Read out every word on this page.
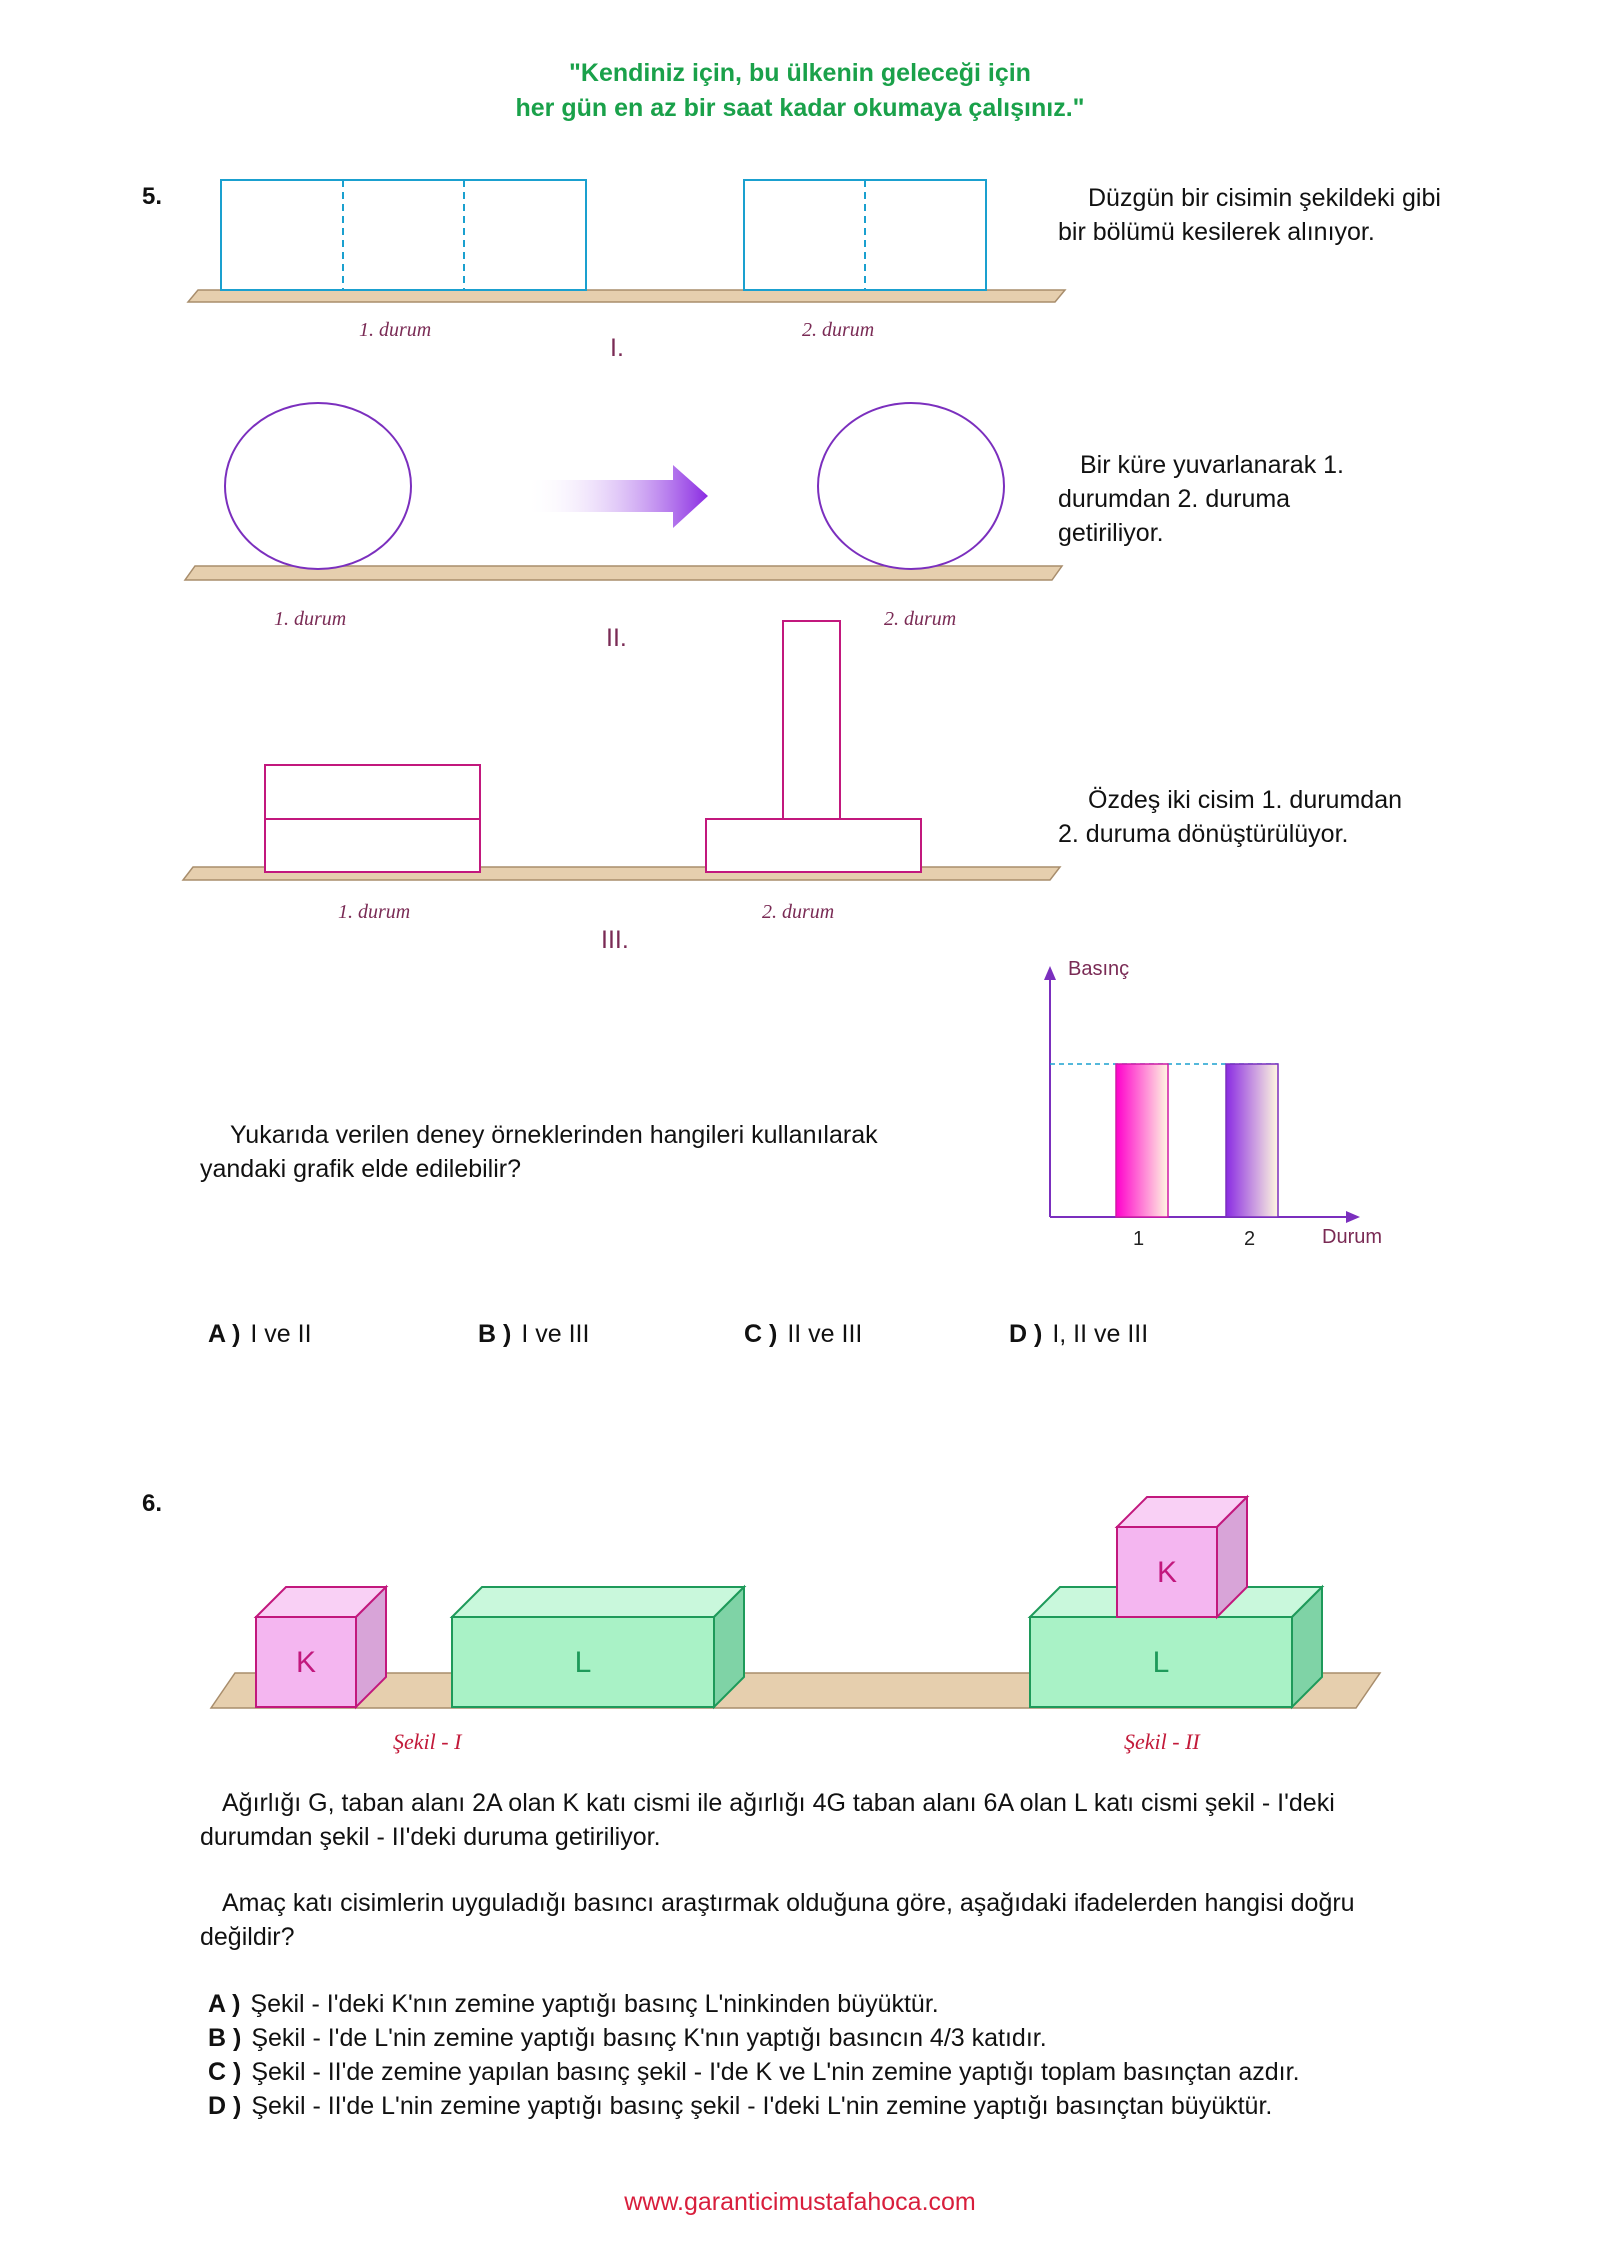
"Kendiniz için, bu ülkenin geleceği için
her gün en az bir saat kadar okumaya çalışınız."
5.
K	L	L
K
Düzgün bir cisimin şekildeki gibi bir bölümü kesilerek alınıyor.
1. durum	2. durum
I.
Bir küre yuvarlanarak 1. durumdan 2. duruma getiriliyor.
1. durum	2. durum
II.
Özdeş iki cisim 1. durumdan 2. duruma dönüştürülüyor.
1. durum	2. durum
III.
Basınç
Durum
1	2
Yukarıda verilen deney örneklerinden hangileri kullanılarak yandaki grafik elde edilebilir?
A ) I ve II	B ) I ve III	C ) II ve III	D ) I, II ve III
6.
Şekil - I	Şekil - II
Ağırlığı G, taban alanı 2A olan K katı cismi ile ağırlığı 4G taban alanı 6A olan L katı cismi şekil - I'deki durumdan şekil - II'deki duruma getiriliyor.
Amaç katı cisimlerin uyguladığı basıncı araştırmak olduğuna göre, aşağıdaki ifadelerden hangisi doğru değildir?
A ) Şekil - I'deki K'nın zemine yaptığı basınç L'ninkinden büyüktür.
B ) Şekil - I'de L'nin zemine yaptığı basınç K'nın yaptığı basıncın 4/3 katıdır.
C ) Şekil - II'de zemine yapılan basınç şekil - I'de K ve L'nin zemine yaptığı toplam basınçtan azdır.
D ) Şekil - II'de L'nin zemine yaptığı basınç şekil - I'deki L'nin zemine yaptığı basınçtan büyüktür.
www.garanticimustafahoca.com
